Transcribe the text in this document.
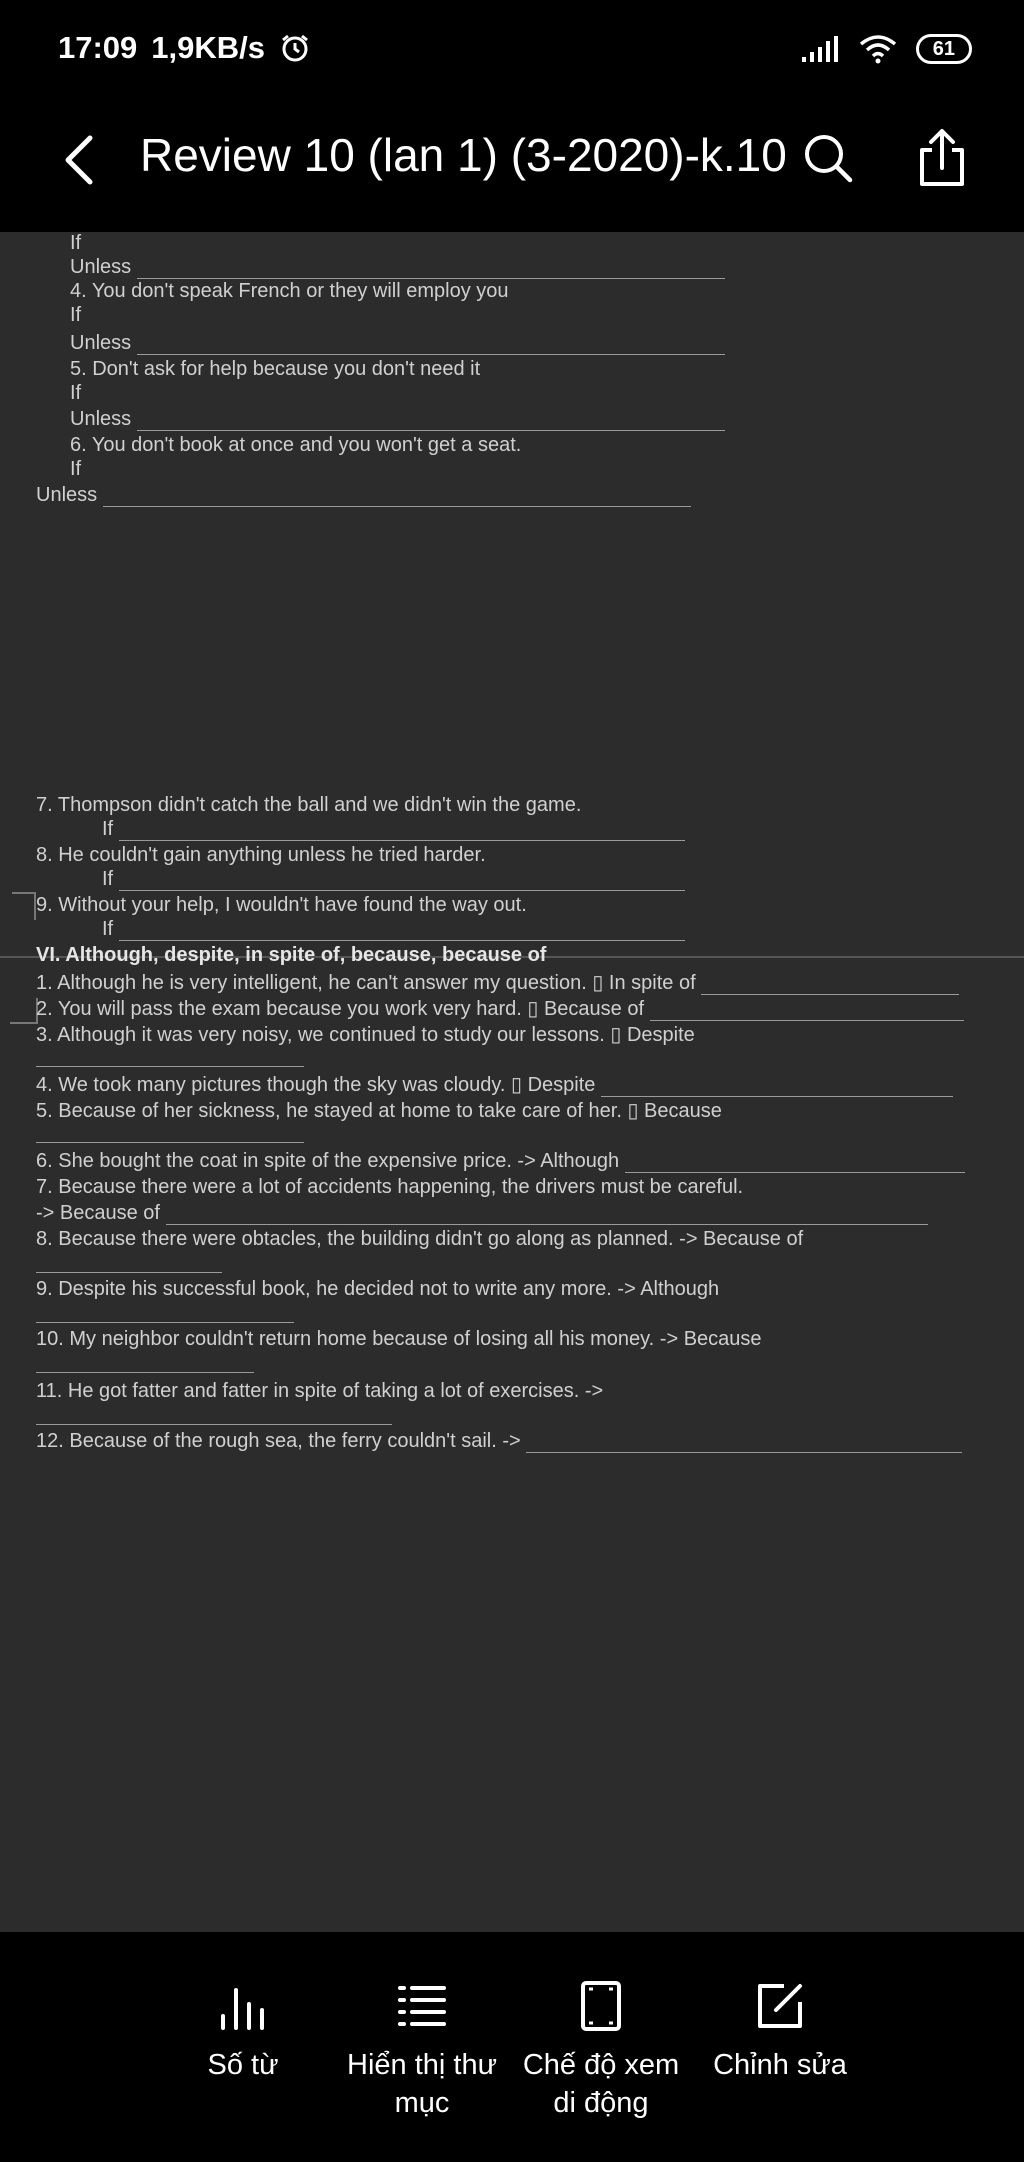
17:09 1,9KB/s	61
Review 10 (lan 1) (3-2020)-k.10
If
Unless
4. You don't speak French or they will employ you
If
Unless
5. Don't ask for help because you don't need it
If
Unless
6. You don't book at once and you won't get a seat.
If
Unless
7. Thompson didn't catch the ball and we didn't win the game.
If
8. He couldn't gain anything unless he tried harder.
If
9. Without your help, I wouldn't have found the way out.
If
VI. Although, despite, in spite of, because, because of
1. Although he is very intelligent, he can't answer my question. ▯ In spite of
2. You will pass the exam because you work very hard. ▯ Because of
3. Although it was very noisy, we continued to study our lessons. ▯ Despite
4. We took many pictures though the sky was cloudy. ▯ Despite
5. Because of her sickness, he stayed at home to take care of her. ▯ Because
6. She bought the coat in spite of the expensive price. -> Although
7. Because there were a lot of accidents happening, the drivers must be careful.
-> Because of
8. Because there were obtacles, the building didn't go along as planned. -> Because of
9. Despite his successful book, he decided not to write any more. -> Although
10. My neighbor couldn't return home because of losing all his money. -> Because
11. He got fatter and fatter in spite of taking a lot of exercises. ->
12. Because of the rough sea, the ferry couldn't sail. ->
Số từ	Hiển thị thư mục
Chế độ xem di động
Chỉnh sửa
